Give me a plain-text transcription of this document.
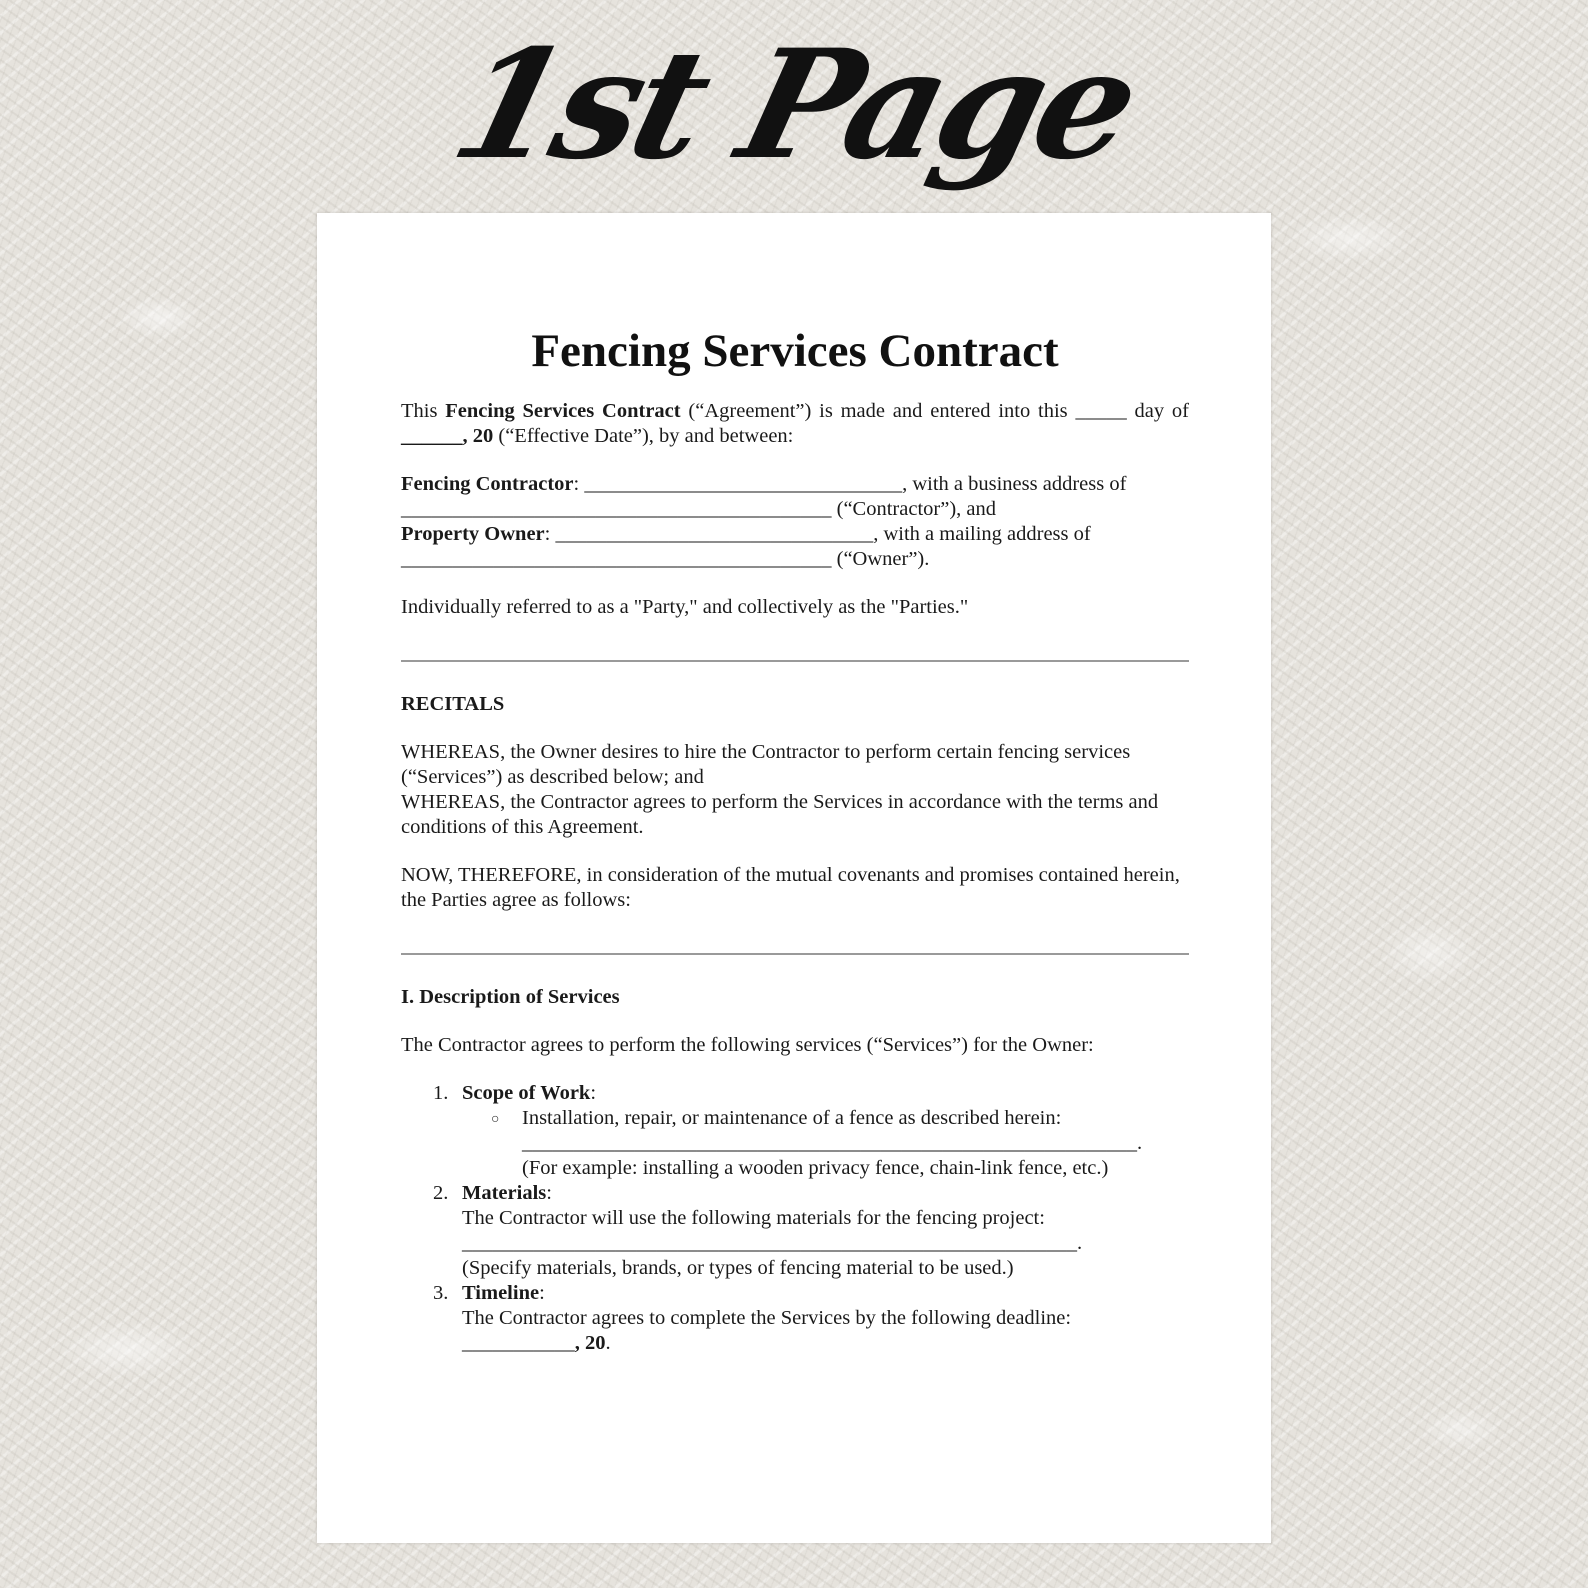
1st Page
Fencing Services Contract

This Fencing Services Contract (“Agreement”) is made and entered into this _____ day of ______, 20 (“Effective Date”), by and between:

Fencing Contractor: _______________________________, with a business address of

__________________________________________ (“Contractor”), and

Property Owner: _______________________________, with a mailing address of

__________________________________________ (“Owner”).

Individually referred to as a "Party," and collectively as the "Parties."

RECITALS

WHEREAS, the Owner desires to hire the Contractor to perform certain fencing services (“Services”) as described below; and

WHEREAS, the Contractor agrees to perform the Services in accordance with the terms and conditions of this Agreement.

NOW, THEREFORE, in consideration of the mutual covenants and promises contained herein, the Parties agree as follows:

I. Description of Services

The Contractor agrees to perform the following services (“Services”) for the Owner:

1. Scope of Work:
○ Installation, repair, or maintenance of a fence as described herein:

____________________________________________________________.

(For example: installing a wooden privacy fence, chain-link fence, etc.)

2. Materials:

The Contractor will use the following materials for the fencing project:

____________________________________________________________.

(Specify materials, brands, or types of fencing material to be used.)

3. Timeline:

The Contractor agrees to complete the Services by the following deadline:

___________, 20.
